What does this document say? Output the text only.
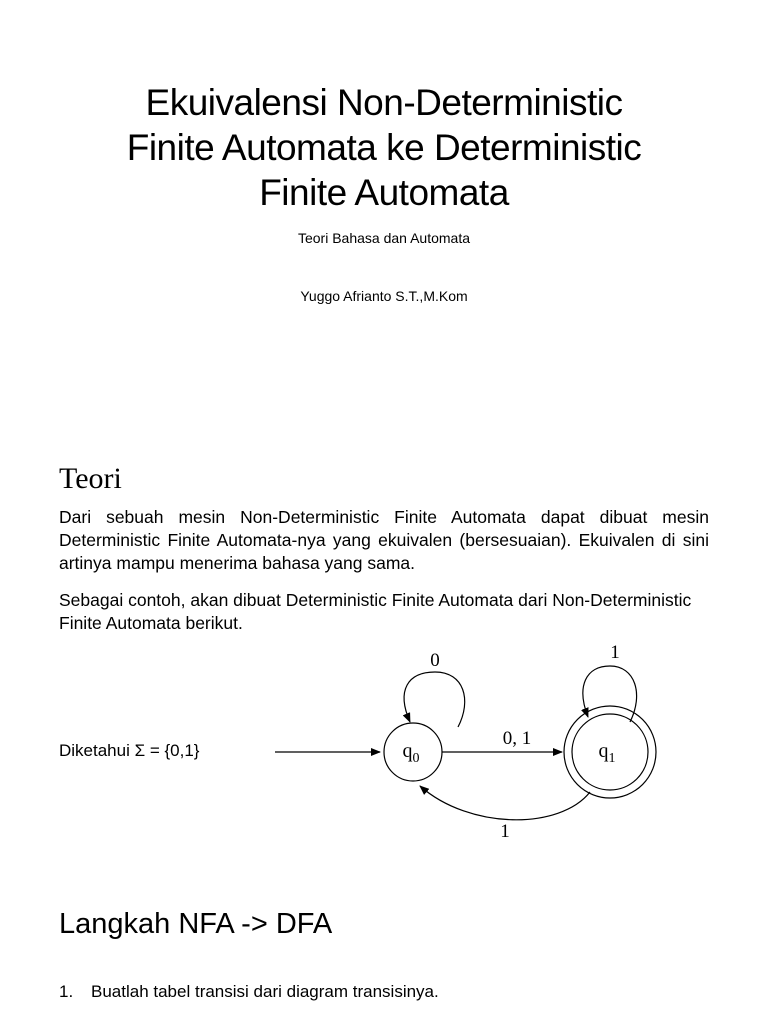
Ekuivalensi Non-Deterministic
Finite Automata ke Deterministic
Finite Automata

Teori Bahasa dan Automata

Yuggo Afrianto S.T.,M.Kom

Teori

Dari sebuah mesin Non-Deterministic Finite Automata dapat dibuat mesin Deterministic Finite Automata-nya yang ekuivalen (bersesuaian). Ekuivalen di sini artinya mampu menerima bahasa yang sama.

Sebagai contoh, akan dibuat Deterministic Finite Automata dari Non-Deterministic Finite Automata berikut.

Diketahui Σ = {0,1}

0
$q_0$
0, 1
1
$q_1$
1
Langkah NFA -> DFA
1. Buatlah tabel transisi dari diagram transisinya.
